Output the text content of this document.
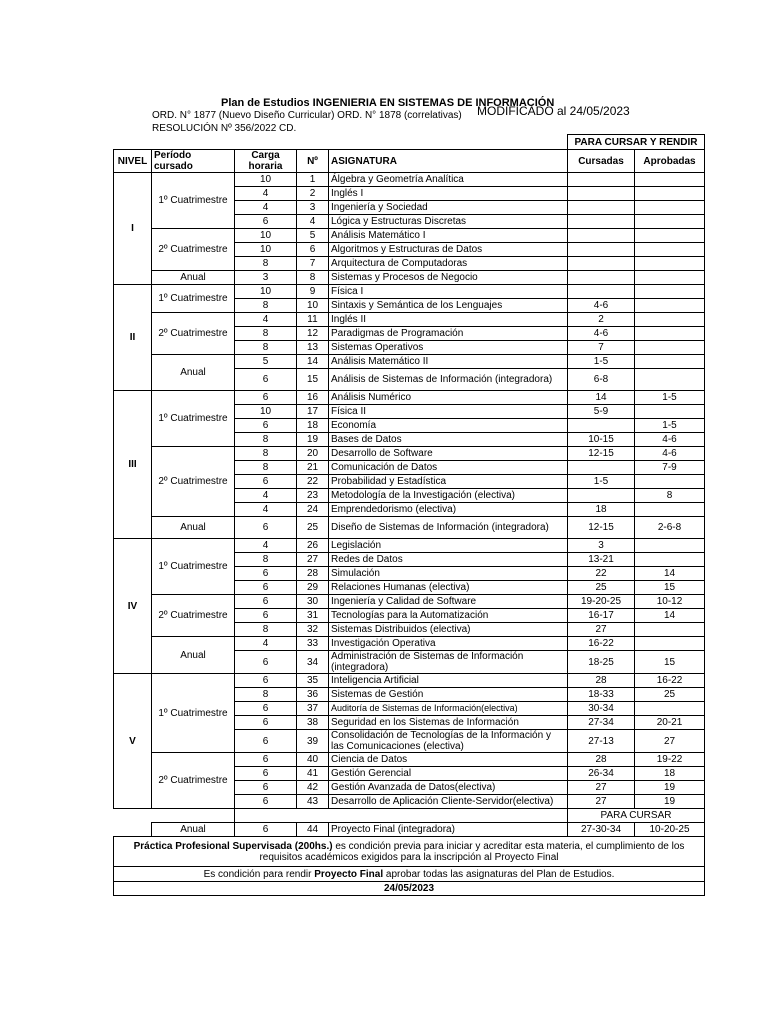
Plan de Estudios INGENIERIA EN SISTEMAS DE INFORMACIÓN
MODIFICADO al 24/05/2023
ORD. N° 1877 (Nuevo Diseño Curricular) ORD. N° 1878 (correlativas)
RESOLUCIÓN Nº 356/2022 CD.
					PARA CURSAR Y RENDIR	
NIVEL	Período cursado	Carga horaria	Nº	ASIGNATURA	Cursadas	Aprobadas
I	1º Cuatrimestre	10	1	Álgebra y Geometría Analítica		
		4	2	Inglés I		
		4	3	Ingeniería y Sociedad		
		6	4	Lógica y Estructuras Discretas		
	2º Cuatrimestre	10	5	Análisis Matemático I		
		10	6	Algoritmos y Estructuras de Datos		
		8	7	Arquitectura de Computadoras		
	Anual	3	8	Sistemas y Procesos de Negocio		
II	1º Cuatrimestre	10	9	Física I		
		8	10	Sintaxis y Semántica de los Lenguajes	4-6	
	2º Cuatrimestre	4	11	Inglés II	2	
		8	12	Paradigmas de Programación	4-6	
		8	13	Sistemas Operativos	7	
	Anual	5	14	Análisis Matemático II	1-5	
		6	15	Análisis de Sistemas de Información (integradora)	6-8	
III	1º Cuatrimestre	6	16	Análisis Numérico	14	1-5
		10	17	Física II	5-9	
		6	18	Economía		1-5
		8	19	Bases de Datos	10-15	4-6
	2º Cuatrimestre	8	20	Desarrollo de Software	12-15	4-6
		8	21	Comunicación de Datos		7-9
		6	22	Probabilidad y Estadística	1-5	
		4	23	Metodología de la Investigación (electiva)		8
		4	24	Emprendedorismo (electiva)	18	
	Anual	6	25	Diseño de Sistemas de Información (integradora)	12-15	2-6-8
IV	1º Cuatrimestre	4	26	Legislación	3	
		8	27	Redes de Datos	13-21	
		6	28	Simulación	22	14
		6	29	Relaciones Humanas (electiva)	25	15
	2º Cuatrimestre	6	30	Ingeniería y Calidad de Software	19-20-25	10-12
		6	31	Tecnologías para la Automatización	16-17	14
		8	32	Sistemas Distribuidos (electiva)	27	
	Anual	4	33	Investigación Operativa	16-22	
		6	34	Administración de Sistemas de Información (integradora)	18-25	15
V	1º Cuatrimestre	6	35	Inteligencia Artificial	28	16-22
		8	36	Sistemas de Gestión	18-33	25
		6	37	Auditoría de Sistemas de Información(electiva)	30-34	
		6	38	Seguridad en los Sistemas de Información	27-34	20-21
		6	39	Consolidación de Tecnologías de la Información y las Comunicaciones (electiva)	27-13	27
	2º Cuatrimestre	6	40	Ciencia de Datos	28	19-22
		6	41	Gestión Gerencial	26-34	18
		6	42	Gestión Avanzada de Datos(electiva)	27	19
		6	43	Desarrollo de Aplicación Cliente-Servidor(electiva)	27	19
					PARA CURSAR	
	Anual	6	44	Proyecto Final (integradora)	27-30-34	10-20-25
Práctica Profesional Supervisada (200hs.) es condición previa para iniciar y acreditar esta materia, el cumplimiento de los requisitos académicos exigidos para la inscripción al Proyecto Final						
Es condición para rendir Proyecto Final aprobar todas las asignaturas del Plan de Estudios.						
24/05/2023						
